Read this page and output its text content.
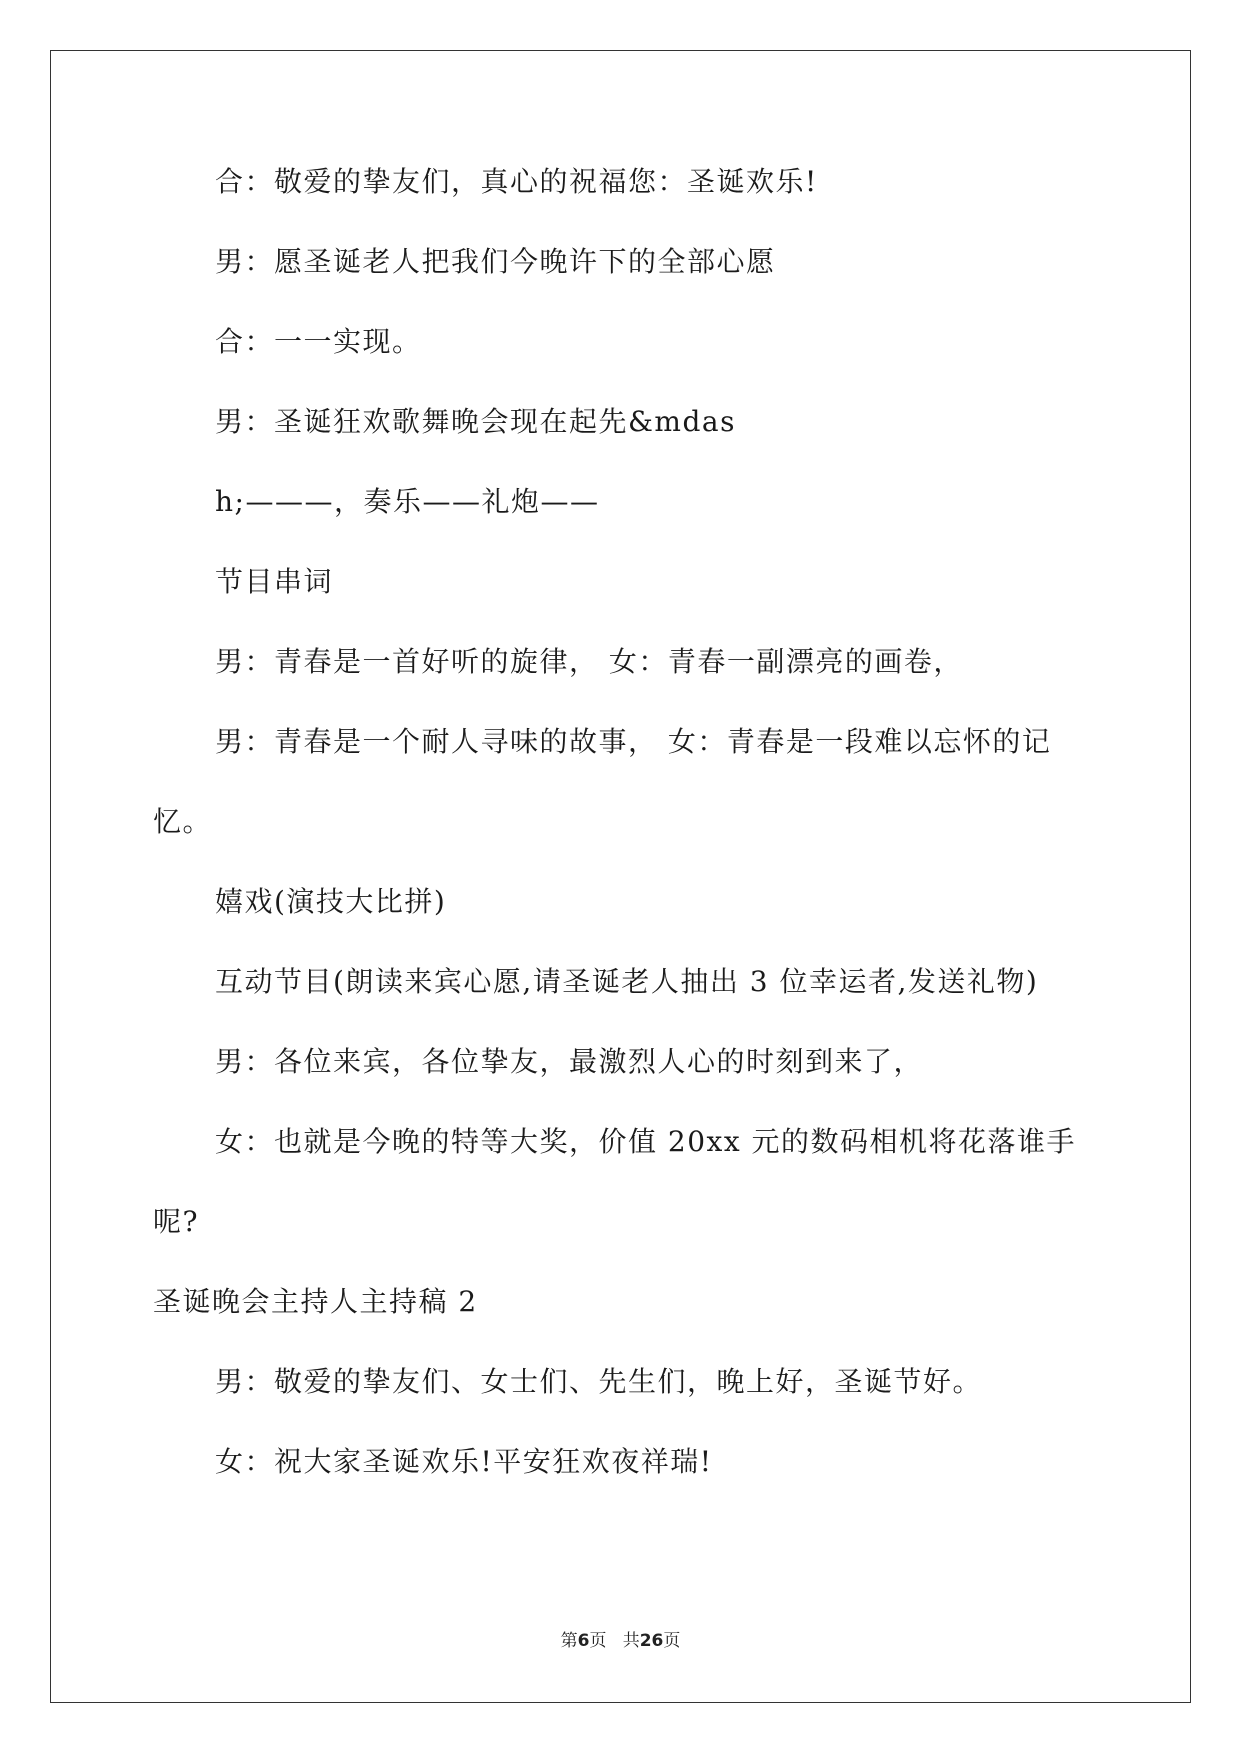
合：敬爱的挚友们，真心的祝福您：圣诞欢乐!
男：愿圣诞老人把我们今晚许下的全部心愿
合：一一实现。
男：圣诞狂欢歌舞晚会现在起先&mdas
h;———，奏乐——礼炮——
节目串词
男：青春是一首好听的旋律， 女：青春一副漂亮的画卷，
男：青春是一个耐人寻味的故事， 女：青春是一段难以忘怀的记
忆。
嬉戏(演技大比拼)
互动节目(朗读来宾心愿,请圣诞老人抽出 3 位幸运者,发送礼物)
男：各位来宾，各位挚友，最激烈人心的时刻到来了，
女：也就是今晚的特等大奖，价值 20xx 元的数码相机将花落谁手
呢?
圣诞晚会主持人主持稿 2
男：敬爱的挚友们、女士们、先生们，晚上好，圣诞节好。
女：祝大家圣诞欢乐!平安狂欢夜祥瑞!
第6页 共26页
